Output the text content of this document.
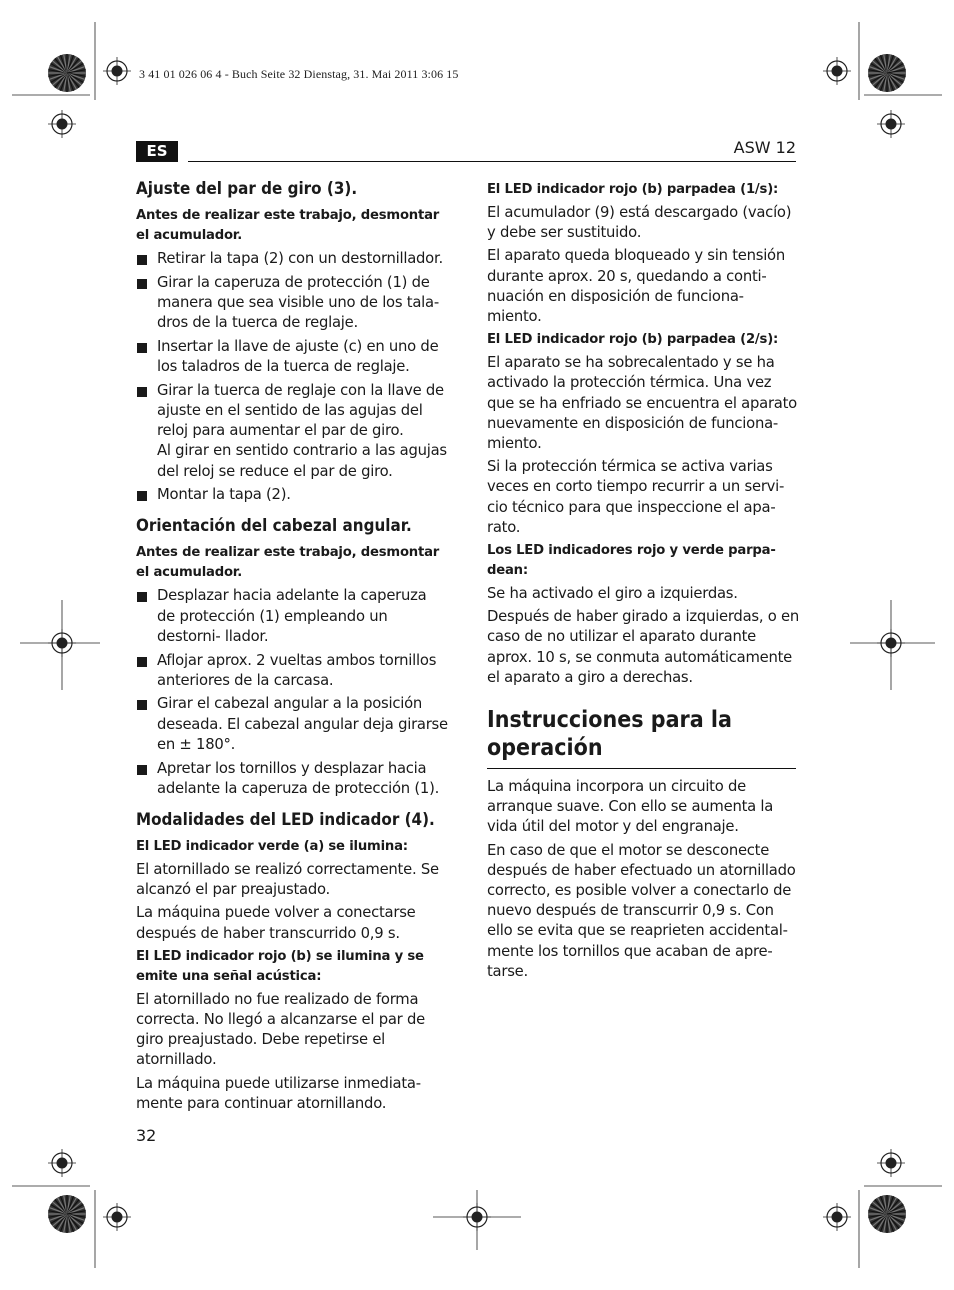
3 41 01 026 06 4 - Buch Seite 32 Dienstag, 31. Mai 2011 3:06 15
ES	ASW 12
Ajuste del par de giro (3).
Antes de realizar este trabajo, desmontar el acumulador.
Retirar la tapa (2) con un destornillador.
Girar la caperuza de protección (1) de manera que sea visible uno de los tala- dros de la tuerca de reglaje.
Insertar la llave de ajuste (c) en uno de los taladros de la tuerca de reglaje.
Girar la tuerca de reglaje con la llave de ajuste en el sentido de las agujas del reloj para aumentar el par de giro.
Al girar en sentido contrario a las agujas del reloj se reduce el par de giro.
Montar la tapa (2).
Orientación del cabezal angular.
Antes de realizar este trabajo, desmontar el acumulador.
Desplazar hacia adelante la caperuza de protección (1) empleando un destorni- llador.
Aflojar aprox. 2 vueltas ambos tornillos anteriores de la carcasa.
Girar el cabezal angular a la posición deseada. El cabezal angular deja girarse en ± 180°.
Apretar los tornillos y desplazar hacia adelante la caperuza de protección (1).
Modalidades del LED indicador (4).
El LED indicador verde (a) se ilumina:
El atornillado se realizó correctamente. Se alcanzó el par preajustado.
La máquina puede volver a conectarse después de haber transcurrido 0,9 s.
El LED indicador rojo (b) se ilumina y se emite una señal acústica:
El atornillado no fue realizado de forma correcta. No llegó a alcanzarse el par de giro preajustado. Debe repetirse el atornillado.
La máquina puede utilizarse inmediata- mente para continuar atornillando.
El LED indicador rojo (b) parpadea (1/s):
El acumulador (9) está descargado (vacío) y debe ser sustituido.
El aparato queda bloqueado y sin tensión durante aprox. 20 s, quedando a conti- nuación en disposición de funciona- miento.
El LED indicador rojo (b) parpadea (2/s):
El aparato se ha sobrecalentado y se ha activado la protección térmica. Una vez que se ha enfriado se encuentra el aparato nuevamente en disposición de funciona- miento.
Si la protección térmica se activa varias veces en corto tiempo recurrir a un servi- cio técnico para que inspeccione el apa- rato.
Los LED indicadores rojo y verde parpa- dean:
Se ha activado el giro a izquierdas.
Después de haber girado a izquierdas, o en caso de no utilizar el aparato durante aprox. 10 s, se conmuta automáticamente el aparato a giro a derechas.
Instrucciones para la operación
La máquina incorpora un circuito de arranque suave. Con ello se aumenta la vida útil del motor y del engranaje.
En caso de que el motor se desconecte después de haber efectuado un atornillado correcto, es posible volver a conectarlo de nuevo después de transcurrir 0,9 s. Con ello se evita que se reaprieten accidental- mente los tornillos que acaban de apre- tarse.
32
